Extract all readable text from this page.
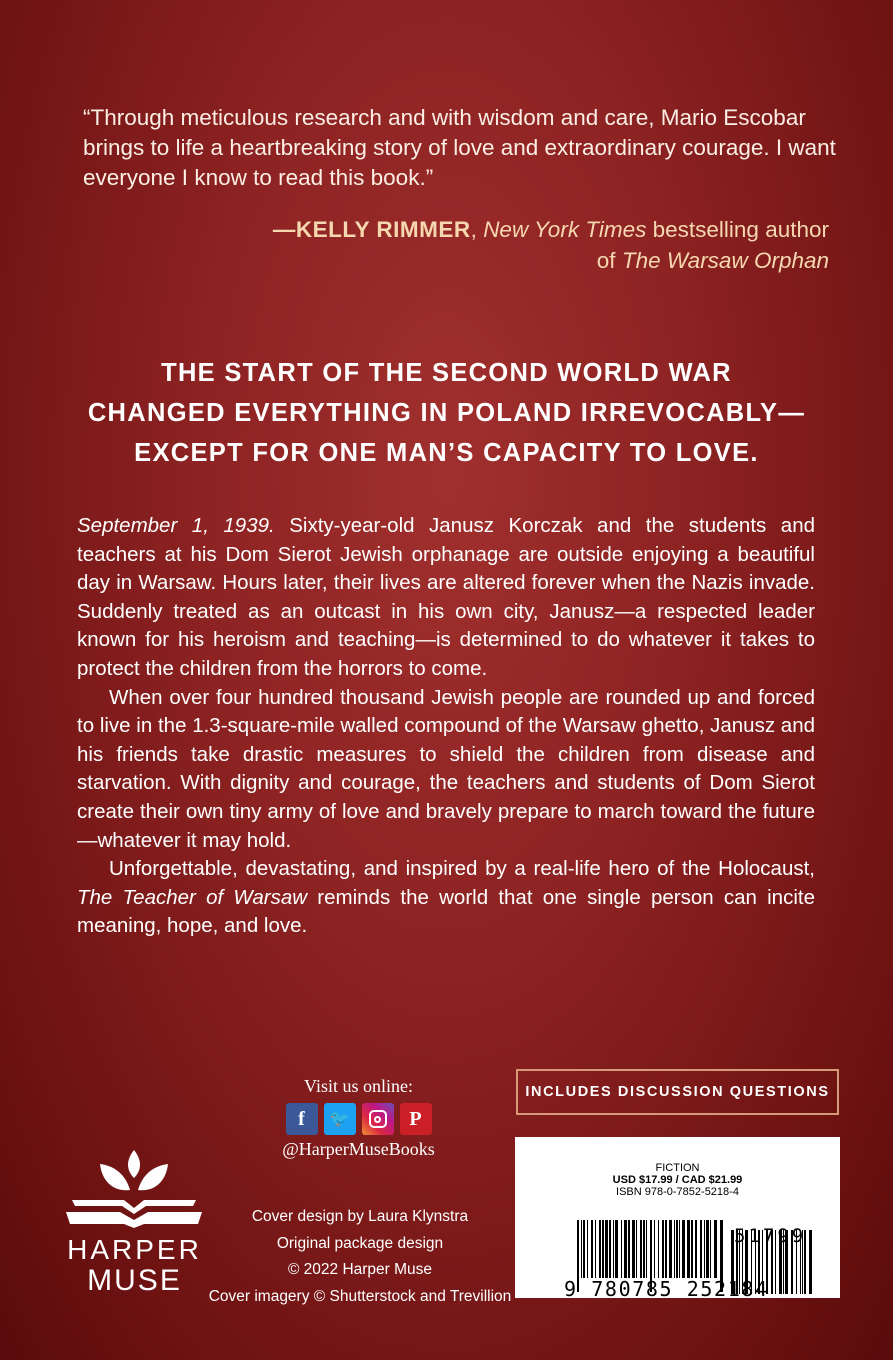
“Through meticulous research and with wisdom and care, Mario Escobar brings to life a heartbreaking story of love and extraordinary courage. I want everyone I know to read this book.”
—KELLY RIMMER, New York Times bestselling author
of The Warsaw Orphan
THE START OF THE SECOND WORLD WAR
CHANGED EVERYTHING IN POLAND IRREVOCABLY—
EXCEPT FOR ONE MAN’S CAPACITY TO LOVE.

September 1, 1939. Sixty-year-old Janusz Korczak and the students and teachers at his Dom Sierot Jewish orphanage are outside enjoying a beautiful day in Warsaw. Hours later, their lives are altered forever when the Nazis invade. Suddenly treated as an outcast in his own city, Janusz—a respected leader known for his heroism and teaching—is determined to do whatever it takes to protect the children from the horrors to come.

When over four hundred thousand Jewish people are rounded up and forced to live in the 1.3-square-mile walled compound of the Warsaw ghetto, Janusz and his friends take drastic measures to shield the children from disease and starvation. With dignity and courage, the teachers and students of Dom Sierot create their own tiny army of love and bravely prepare to march toward the future—whatever it may hold.

Unforgettable, devastating, and inspired by a real-life hero of the Holocaust, The Teacher of Warsaw reminds the world that one single person can incite meaning, hope, and love.

Visit us online:
f	🐦	P
@HarperMuseBooks
HARPER
MUSE
Cover design by Laura Klynstra
Original package design
© 2022 Harper Muse
Cover imagery © Shutterstock and Trevillion
INCLUDES DISCUSSION QUESTIONS
FICTION
USD $17.99 / CAD $21.99
ISBN 978-0-7852-5218-4
9 780785 252184
51799
